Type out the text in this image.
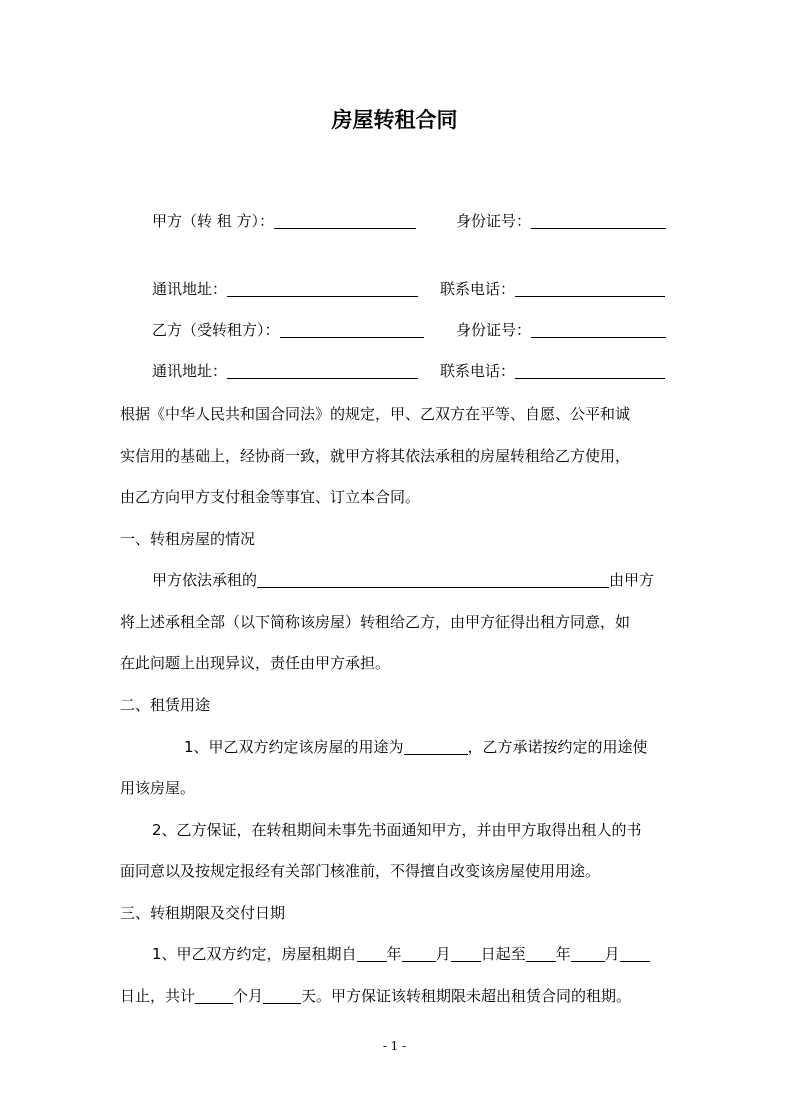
房屋转租合同
甲方（转 租 方）：	身份证号：
通讯地址：	联系电话：
乙方（受转租方）：	身份证号：
通讯地址：	联系电话：
根据《中华人民共和国合同法》的规定，甲、乙双方在平等、自愿、公平和诚
实信用的基础上，经协商一致，就甲方将其依法承租的房屋转租给乙方使用，
由乙方向甲方支付租金等事宜、订立本合同。
一、转租房屋的情况
甲方依法承租的	由甲方
将上述承租全部（以下简称该房屋）转租给乙方，由甲方征得出租方同意，如
在此问题上出现异议，责任由甲方承担。
二、租赁用途
1、甲乙双方约定该房屋的用途为	，乙方承诺按约定的用途使
用该房屋。
2、乙方保证，在转租期间未事先书面通知甲方，并由甲方取得出租人的书
面同意以及按规定报经有关部门核准前，不得擅自改变该房屋使用用途。
三、转租期限及交付日期
1、甲乙双方约定，房屋租期自 年 月 日起至 年 月
日止，共计	个月	天。甲方保证该转租期限未超出租赁合同的租期。
- 1 -
